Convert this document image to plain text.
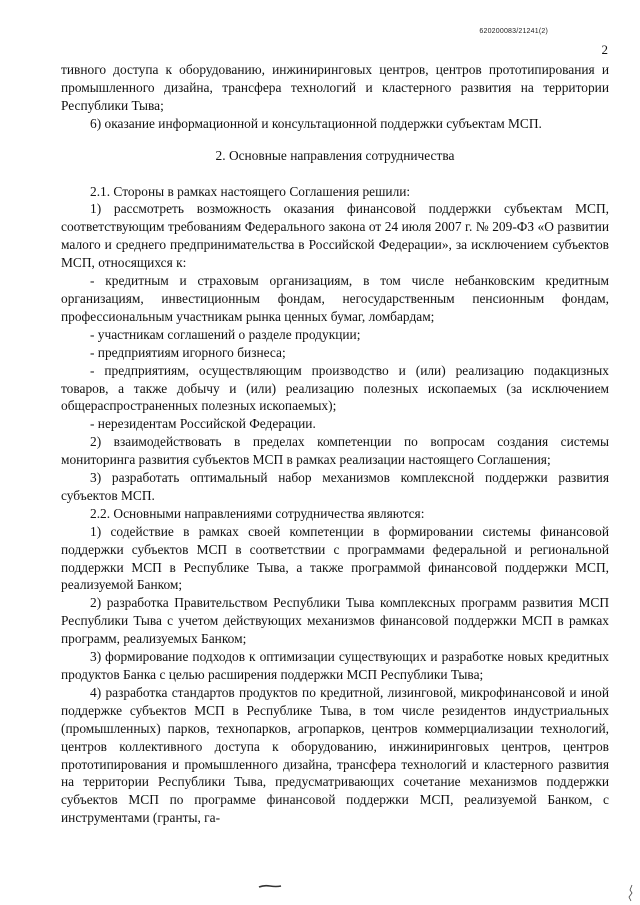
620200083/21241(2)
2

тивного доступа к оборудованию, инжиниринговых центров, центров прототипирования и промышленного дизайна, трансфера технологий и кластерного развития на территории Республики Тыва;

6) оказание информационной и консультационной поддержки субъектам МСП.

2. Основные направления сотрудничества

2.1. Стороны в рамках настоящего Соглашения решили:

1) рассмотреть возможность оказания финансовой поддержки субъектам МСП, соответствующим требованиям Федерального закона от 24 июля 2007 г. № 209-ФЗ «О развитии малого и среднего предпринимательства в Российской Федерации», за исключением субъектов МСП, относящихся к:

- кредитным и страховым организациям, в том числе небанковским кредитным организациям, инвестиционным фондам, негосударственным пенсионным фондам, профессиональным участникам рынка ценных бумаг, ломбардам;

- участникам соглашений о разделе продукции;

- предприятиям игорного бизнеса;

- предприятиям, осуществляющим производство и (или) реализацию подакцизных товаров, а также добычу и (или) реализацию полезных ископаемых (за исключением общераспространенных полезных ископаемых);

- нерезидентам Российской Федерации.

2) взаимодействовать в пределах компетенции по вопросам создания системы мониторинга развития субъектов МСП в рамках реализации настоящего Соглашения;

3) разработать оптимальный набор механизмов комплексной поддержки развития субъектов МСП.

2.2. Основными направлениями сотрудничества являются:

1) содействие в рамках своей компетенции в формировании системы финансовой поддержки субъектов МСП в соответствии с программами федеральной и региональной поддержки МСП в Республике Тыва, а также программой финансовой поддержки МСП, реализуемой Банком;

2) разработка Правительством Республики Тыва комплексных программ развития МСП Республики Тыва с учетом действующих механизмов финансовой поддержки МСП в рамках программ, реализуемых Банком;

3) формирование подходов к оптимизации существующих и разработке новых кредитных продуктов Банка с целью расширения поддержки МСП Республики Тыва;

4) разработка стандартов продуктов по кредитной, лизинговой, микрофинансовой и иной поддержке субъектов МСП в Республике Тыва, в том числе резидентов индустриальных (промышленных) парков, технопарков, агропарков, центров коммерциализации технологий, центров коллективного доступа к оборудованию, инжиниринговых центров, центров прототипирования и промышленного дизайна, трансфера технологий и кластерного развития на территории Республики Тыва, предусматривающих сочетание механизмов поддержки субъектов МСП по программе финансовой поддержки МСП, реализуемой Банком, с инструментами (гранты, га-
